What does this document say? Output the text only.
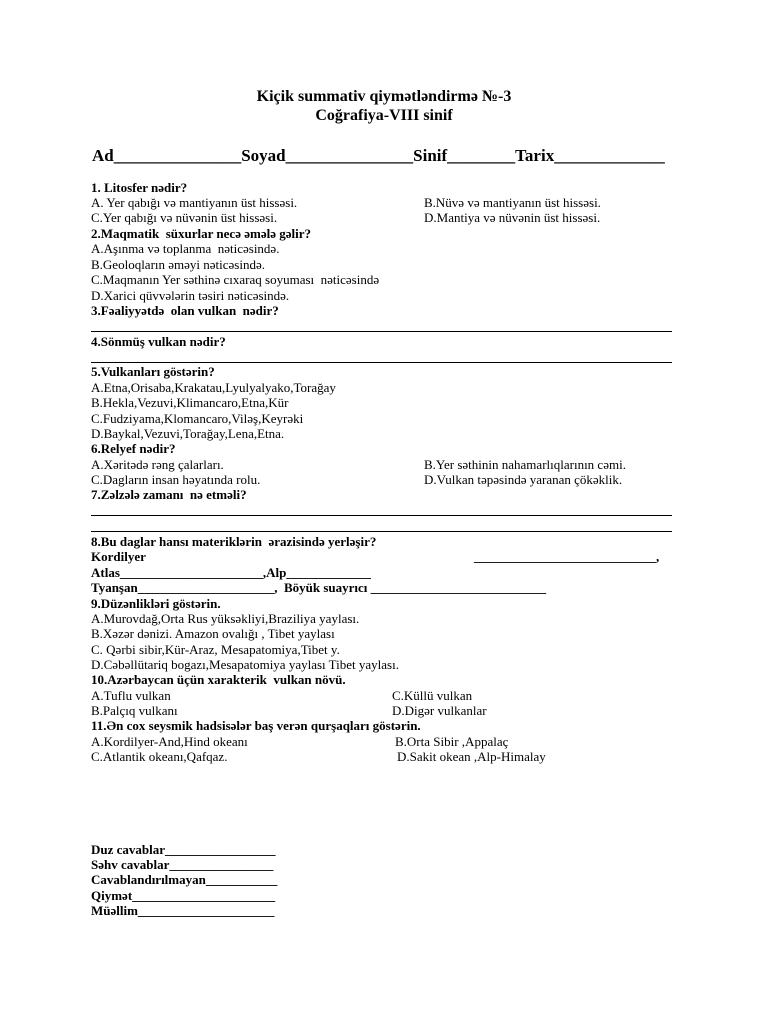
Kiçik summativ qiymətləndirmə №-3
Coğrafiya-VIII sinif
Ad_______________Soyad_______________Sinif________Tarix_____________
1. Litosfer nədir?
A. Yer qabığı və mantiyanın üst hissəsi.	B.Nüvə və mantiyanın üst hissəsi.
C.Yer qabığı və nüvənin üst hissəsi.	D.Mantiya və nüvənin üst hissəsi.
2.Maqmatik  süxurlar necə əmələ gəlir?
A.Aşınma və toplanma  nəticəsində.
B.Geoloqların əməyi nəticəsində.
C.Maqmanın Yer səthinə cıxaraq soyuması  nəticəsində
D.Xarici qüvvələrin təsiri nəticəsində.
3.Fəaliyyətdə  olan vulkan  nədir?
4.Sönmüş vulkan nədir?
5.Vulkanları göstərin?
A.Etna,Orisaba,Krakatau,Lyulyalyako,Torağay
B.Hekla,Vezuvi,Klimancaro,Etna,Kür
C.Fudziyama,Klomancaro,Viləş,Keyrəki
D.Baykal,Vezuvi,Torağay,Lena,Etna.
6.Relyef nədir?
A.Xəritədə rəng çalarları.	B.Yer səthinin nahamarlıqlarının cəmi.
C.Dagların insan həyatında rolu.	D.Vulkan təpəsində yaranan çökəklik.
7.Zəlzələ zamanı  nə etməli?
8.Bu daglar hansı materiklərin  ərazisində yerləşir?
Kordilyer	____________________________,
Atlas______________________,Alp_____________
Tyanşan_____________________,  Böyük suayrıcı ___________________________
9.Düzənlikləri göstərin.
A.Murovdağ,Orta Rus yüksəkliyi,Braziliya yaylası.
B.Xəzər dənizi. Amazon ovalığı , Tibet yaylası
C. Qərbi sibir,Kür-Araz, Mesapatomiya,Tibet y.
D.Cəbəllütariq bogazı,Mesapatomiya yaylası Tibet yaylası.
10.Azərbaycan üçün xarakterik  vulkan növü.
A.Tuflu vulkan	C.Küllü vulkan
B.Palçıq vulkanı	D.Digər vulkanlar
11.Ən cox seysmik hadsisələr baş verən qurşaqları göstərin.
A.Kordilyer-And,Hind okeanı	B.Orta Sibir ,Appalaç
C.Atlantik okeanı,Qafqaz.	D.Sakit okean ,Alp-Himalay
Duz cavablar_________________
Səhv cavablar________________
Cavablandırılmayan___________
Qiymət______________________
Müəllim_____________________
